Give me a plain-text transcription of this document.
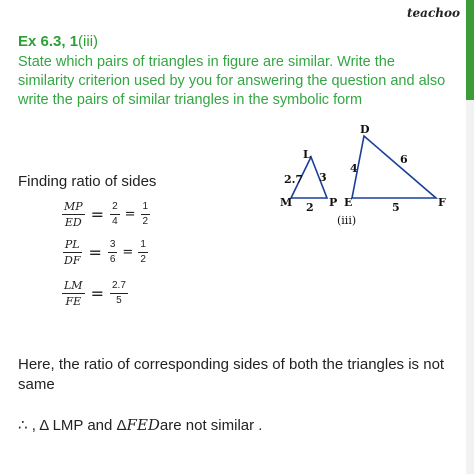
teachoo
Ex 6.3, 1(iii)
State which pairs of triangles in figure are similar. Write the similarity criterion used by you for answering the question and also write the pairs of similar triangles in the symbolic form
L
M	P
2.7 3
2
D
E	F
4
6
5
(iii)
Finding ratio of sides
$\frac{MP}{ED} = \frac{2}{4} = \frac{1}{2}$
$\frac{PL}{DF} = \frac{3}{6} = \frac{1}{2}$
$\frac{LM}{FE} = \frac{2.7}{5}$
Here, the ratio of corresponding sides of both the triangles is not same
∴ , Δ LMP and ΔFEDare not similar .
